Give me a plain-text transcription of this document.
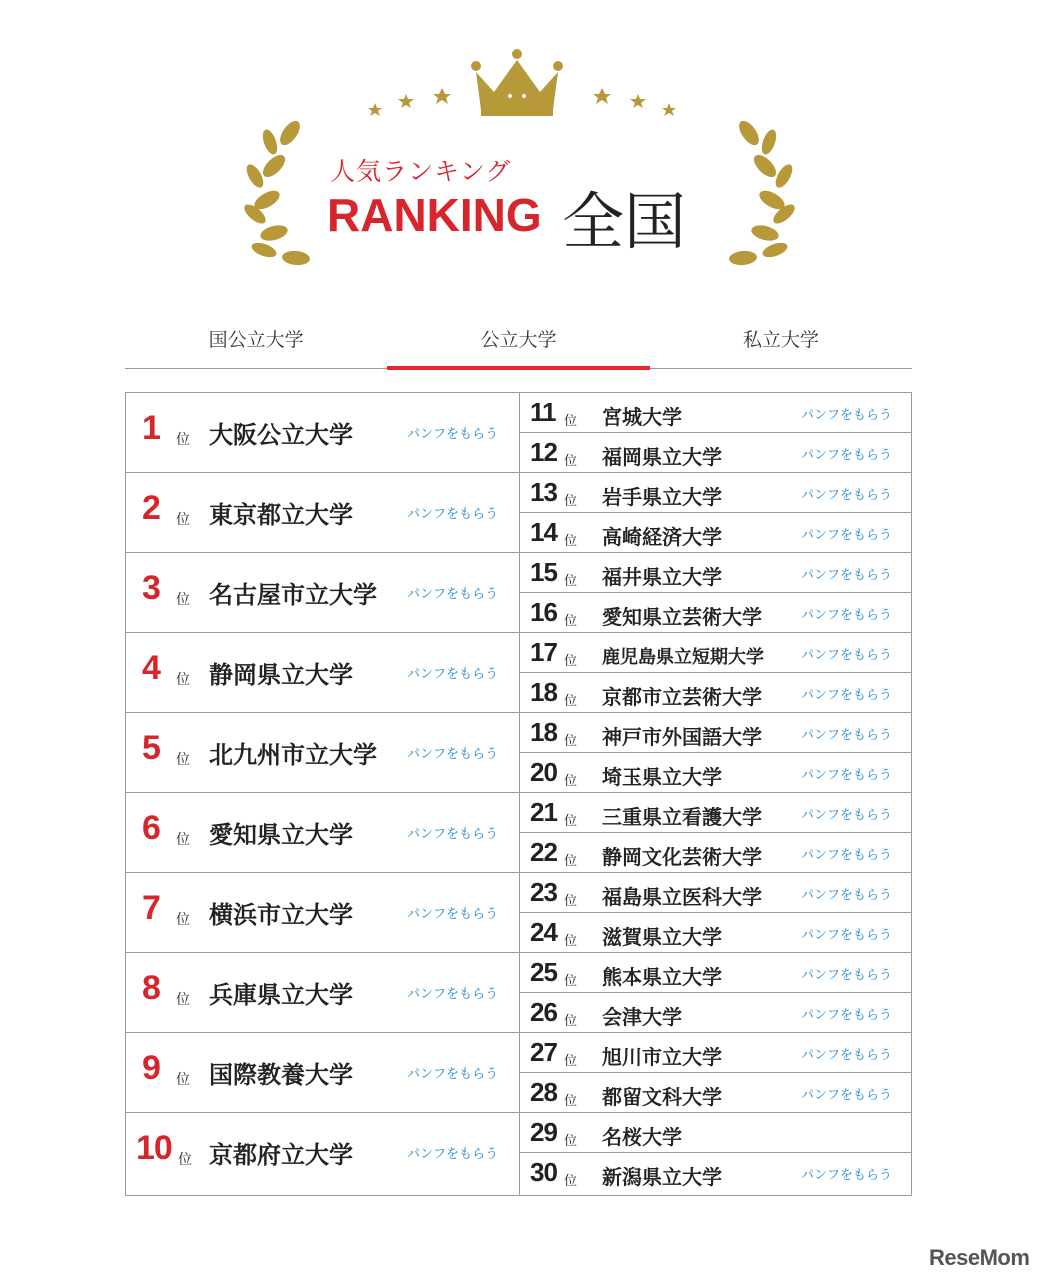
人気ランキング
RANKING 全国
国公立大学	公立大学	私立大学
1 位 大阪公立大学	パンフをもらう
2 位 東京都立大学	パンフをもらう
3 位 名古屋市立大学 パンフをもらう
4 位 静岡県立大学	パンフをもらう
5 位 北九州市立大学 パンフをもらう
6 位 愛知県立大学	パンフをもらう
7 位 横浜市立大学	パンフをもらう
8 位 兵庫県立大学	パンフをもらう
9 位 国際教養大学	パンフをもらう
10 位 京都府立大学	パンフをもらう
11 位 宮城大学	パンフをもらう
12 位 福岡県立大学	パンフをもらう
13 位 岩手県立大学	パンフをもらう
14 位 高崎経済大学	パンフをもらう
15 位 福井県立大学	パンフをもらう
16 位 愛知県立芸術大学	パンフをもらう
17 位 鹿児島県立短期大学	パンフをもらう
18 位 京都市立芸術大学	パンフをもらう
18 位 神戸市外国語大学	パンフをもらう
20 位 埼玉県立大学	パンフをもらう
21 位 三重県立看護大学	パンフをもらう
22 位 静岡文化芸術大学	パンフをもらう
23 位 福島県立医科大学	パンフをもらう
24 位 滋賀県立大学	パンフをもらう
25 位 熊本県立大学	パンフをもらう
26 位 会津大学	パンフをもらう
27 位 旭川市立大学	パンフをもらう
28 位 都留文科大学	パンフをもらう
29 位 名桜大学
30 位 新潟県立大学	パンフをもらう
ReseMom
